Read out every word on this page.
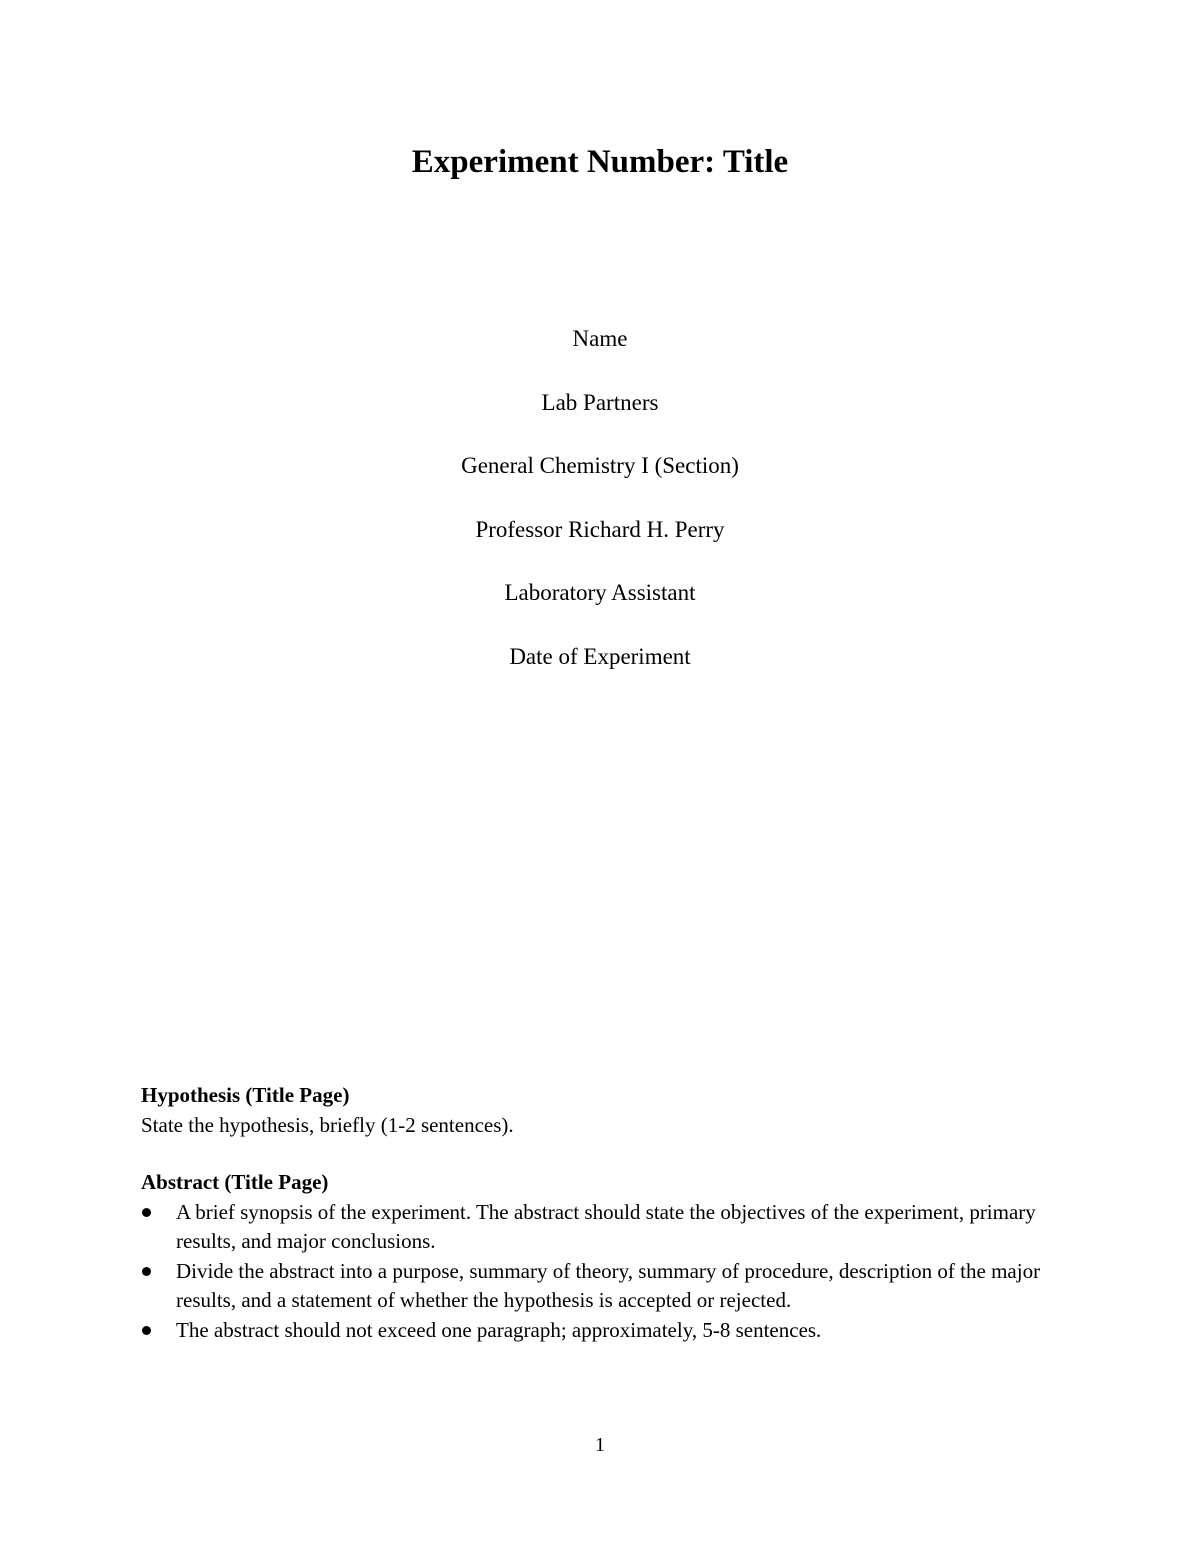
Experiment Number: Title
Name
Lab Partners
General Chemistry I (Section)
Professor Richard H. Perry
Laboratory Assistant
Date of Experiment

Hypothesis (Title Page)

State the hypothesis, briefly (1-2 sentences).

Abstract (Title Page)

A brief synopsis of the experiment. The abstract should state the objectives of the experiment, primary results, and major conclusions.
Divide the abstract into a purpose, summary of theory, summary of procedure, description of the major results, and a statement of whether the hypothesis is accepted or rejected.
The abstract should not exceed one paragraph; approximately, 5-8 sentences.
1
